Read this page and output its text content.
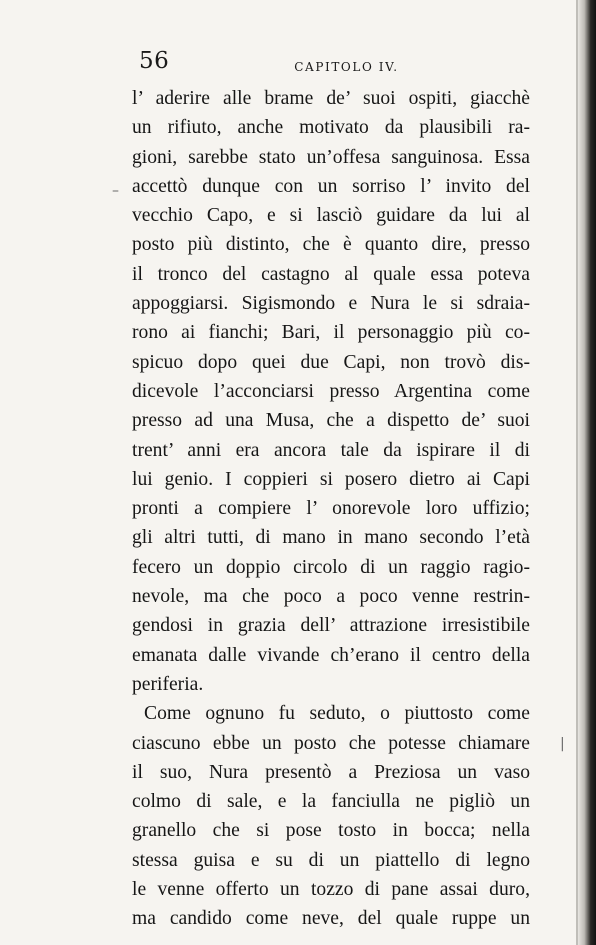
56	CAPITOLO IV.
–
|
l’ aderire alle brame de’ suoi ospiti, giacchè
un rifiuto, anche motivato da plausibili ra-
gioni, sarebbe stato un’offesa sanguinosa. Essa
accettò dunque con un sorriso l’ invito del
vecchio Capo, e si lasciò guidare da lui al
posto più distinto, che è quanto dire, presso
il tronco del castagno al quale essa poteva
appoggiarsi. Sigismondo e Nura le si sdraia-
rono ai fianchi; Bari, il personaggio più co-
spicuo dopo quei due Capi, non trovò dis-
dicevole l’acconciarsi presso Argentina come
presso ad una Musa, che a dispetto de’ suoi
trent’ anni era ancora tale da ispirare il di
lui genio. I coppieri si posero dietro ai Capi
pronti a compiere l’ onorevole loro uffizio;
gli altri tutti, di mano in mano secondo l’età
fecero un doppio circolo di un raggio ragio-
nevole, ma che poco a poco venne restrin-
gendosi in grazia dell’ attrazione irresistibile
emanata dalle vivande ch’erano il centro della
periferia.
Come ognuno fu seduto, o piuttosto come
ciascuno ebbe un posto che potesse chiamare
il suo, Nura presentò a Preziosa un vaso
colmo di sale, e la fanciulla ne pigliò un
granello che si pose tosto in bocca; nella
stessa guisa e su di un piattello di legno
le venne offerto un tozzo di pane assai duro,
ma candido come neve, del quale ruppe un
